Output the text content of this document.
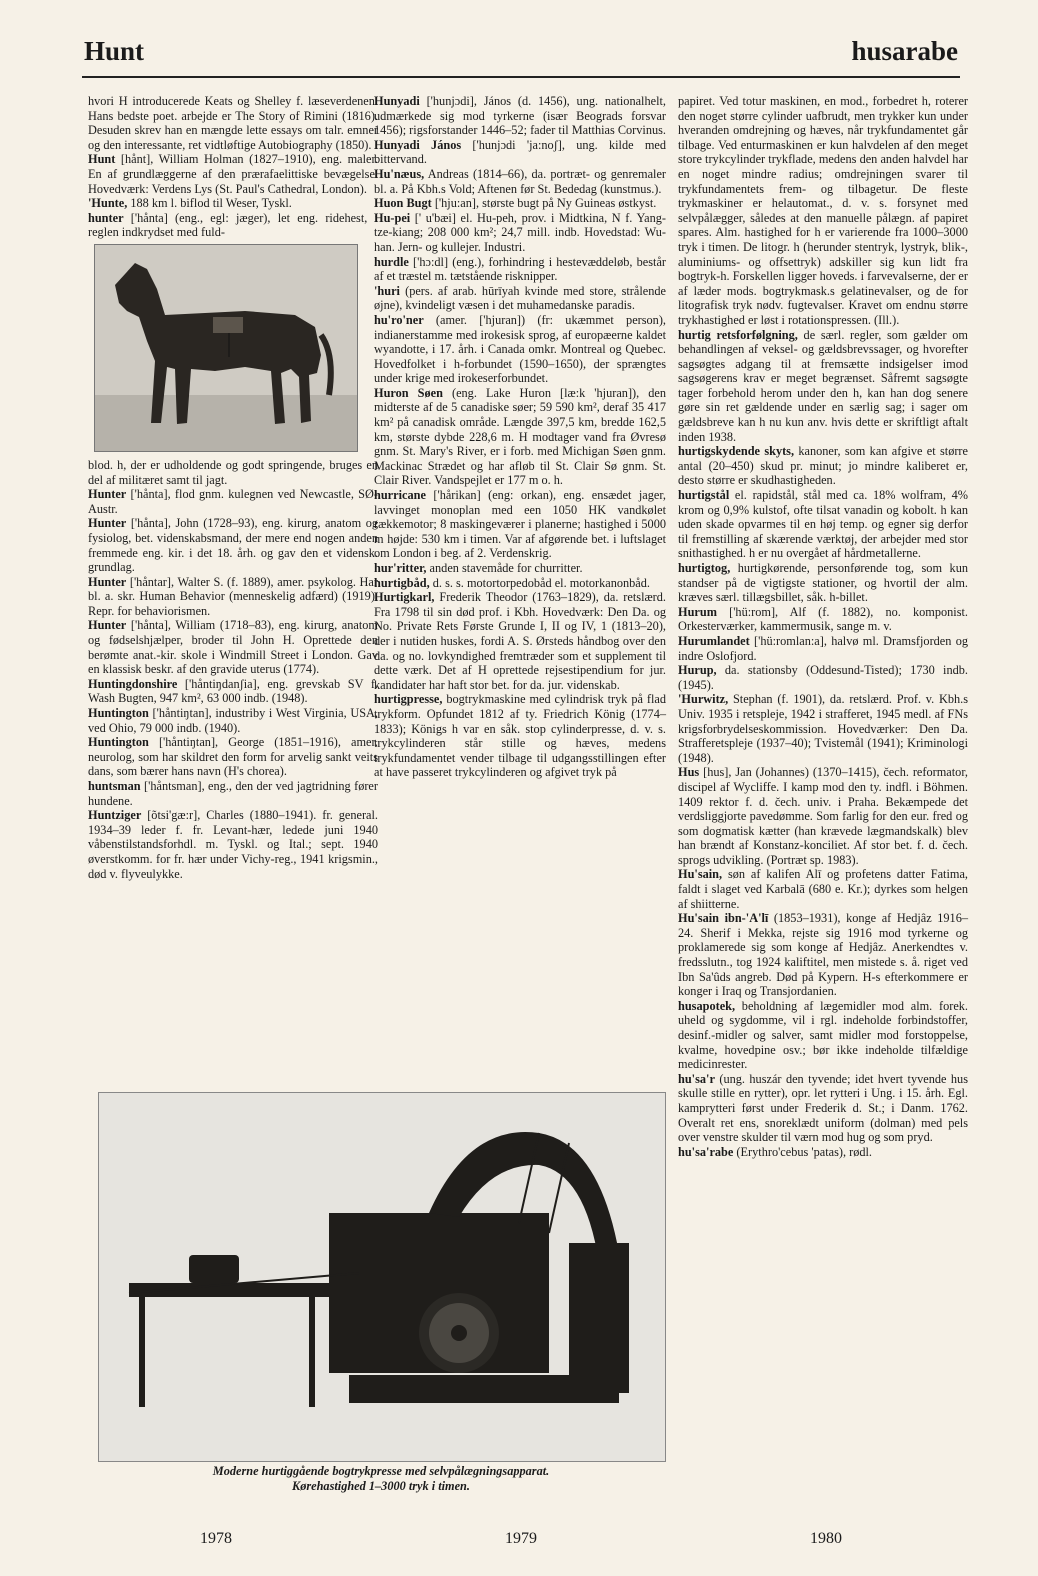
Hunt	husarabe

hvori H introducerede Keats og Shelley f. læseverdenen. Hans bedste poet. arbejde er The Story of Rimini (1816). Desuden skrev han en mængde lette essays om talr. emner og den interessante, ret vidtløftige Autobiography (1850).

Hunt [hånt], William Holman (1827–1910), eng. maler. En af grundlæggerne af den prærafaelittiske bevægelse. Hovedværk: Verdens Lys (St. Paul's Cathedral, London).

'Hunte, 188 km l. biflod til Weser, Tyskl.

hunter ['hånta] (eng., egl: jæger), let eng. ridehest, i reglen indkrydset med fuld-

blod. h, der er udholdende og godt springende, bruges en del af militæret samt til jagt.

Hunter ['hånta], flod gnm. kulegnen ved Newcastle, SØ-Austr.

Hunter ['hånta], John (1728–93), eng. kirurg, anatom og fysiolog, bet. videnskabsmand, der mere end nogen anden fremmede eng. kir. i det 18. årh. og gav den et vidensk. grundlag.

Hunter ['håntar], Walter S. (f. 1889), amer. psykolog. Har bl. a. skr. Human Behavior (menneskelig adfærd) (1919). Repr. for behaviorismen.

Hunter ['hånta], William (1718–83), eng. kirurg, anatom og fødselshjælper, broder til John H. Oprettede den berømte anat.-kir. skole i Windmill Street i London. Gav en klassisk beskr. af den gravide uterus (1774).

Huntingdonshire ['håntiŋdanʃia], eng. grevskab SV f. Wash Bugten, 947 km², 63 000 indb. (1948).

Huntington ['håntiŋtan], industriby i West Virginia, USA, ved Ohio, 79 000 indb. (1940).

Huntington ['håntiŋtan], George (1851–1916), amer. neurolog, som har skildret den form for arvelig sankt veits dans, som bærer hans navn (H's chorea).

huntsman ['håntsman], eng., den der ved jagtridning fører hundene.

Huntziger [õtsi'gæ:r], Charles (1880–1941). fr. general. 1934–39 leder f. fr. Levant-hær, ledede juni 1940 våbenstilstandsforhdl. m. Tyskl. og Ital.; sept. 1940 øverstkomm. for fr. hær under Vichy-reg., 1941 krigsmin., død v. flyveulykke.

Hunyadi ['hunjɔdi], János (d. 1456), ung. nationalhelt, udmærkede sig mod tyrkerne (især Beograds forsvar 1456); rigsforstander 1446–52; fader til Matthias Corvinus.

Hunyadi János ['hunjɔdi 'ja:noʃ], ung. kilde med bittervand.

Hu'næus, Andreas (1814–66), da. portræt- og genremaler bl. a. På Kbh.s Vold; Aftenen før St. Bededag (kunstmus.).

Huon Bugt ['hju:an], største bugt på Ny Guineas østkyst.

Hu-pei [' u'bæi] el. Hu-peh, prov. i Midtkina, N f. Yang-tze-kiang; 208 000 km²; 24,7 mill. indb. Hovedstad: Wu-han. Jern- og kullejer. Industri.

hurdle ['hɔ:dl] (eng.), forhindring i hestevæddeløb, består af et træstel m. tætstående risknipper.

'huri (pers. af arab. hūrīyah kvinde med store, strålende øjne), kvindeligt væsen i det muhamedanske paradis.

hu'ro'ner (amer. ['hjuran]) (fr: ukæmmet person), indianerstamme med irokesisk sprog, af europæerne kaldet wyandotte, i 17. årh. i Canada omkr. Montreal og Quebec. Hovedfolket i h-forbundet (1590–1650), der sprængtes under krige med irokeserforbundet.

Huron Søen (eng. Lake Huron [læ:k 'hjuran]), den midterste af de 5 canadiske søer; 59 590 km², deraf 35 417 km² på canadisk område. Længde 397,5 km, bredde 162,5 km, største dybde 228,6 m. H modtager vand fra Øvresø gnm. St. Mary's River, er i forb. med Michigan Søen gnm. Mackinac Strædet og har afløb til St. Clair Sø gnm. St. Clair River. Vandspejlet er 177 m o. h.

hurricane ['hårikan] (eng: orkan), eng. ensædet jager, lavvinget monoplan med een 1050 HK vandkølet rækkemotor; 8 maskingeværer i planerne; hastighed i 5000 m højde: 530 km i timen. Var af afgørende bet. i luftslaget om London i beg. af 2. Verdenskrig.

hur'ritter, anden stavemåde for churritter.

hurtigbåd, d. s. s. motortorpedobåd el. motorkanonbåd.

Hurtigkarl, Frederik Theodor (1763–1829), da. retslærd. Fra 1798 til sin død prof. i Kbh. Hovedværk: Den Da. og No. Private Rets Første Grunde I, II og IV, 1 (1813–20), der i nutiden huskes, fordi A. S. Ørsteds håndbog over den da. og no. lovkyndighed fremtræder som et supplement til dette værk. Det af H oprettede rejsestipendium for jur. kandidater har haft stor bet. for da. jur. videnskab.

hurtigpresse, bogtrykmaskine med cylindrisk tryk på flad trykform. Opfundet 1812 af ty. Friedrich König (1774–1833); Königs h var en såk. stop cylinderpresse, d. v. s. trykcylinderen står stille og hæves, medens trykfundamentet vender tilbage til udgangsstillingen efter at have passeret trykcylinderen og afgivet tryk på

papiret. Ved totur maskinen, en mod., forbedret h, roterer den noget større cylinder uafbrudt, men trykker kun under hveranden omdrejning og hæves, når trykfundamentet går tilbage. Ved enturmaskinen er kun halvdelen af den meget store trykcylinder trykflade, medens den anden halvdel har en noget mindre radius; omdrejningen svarer til trykfundamentets frem- og tilbagetur. De fleste trykmaskiner er helautomat., d. v. s. forsynet med selvpålægger, således at den manuelle pålægn. af papiret spares. Alm. hastighed for h er varierende fra 1000–3000 tryk i timen. De litogr. h (herunder stentryk, lystryk, blik-, aluminiums- og offsettryk) adskiller sig kun lidt fra bogtryk-h. Forskellen ligger hoveds. i farvevalserne, der er af læder mods. bogtrykmask.s gelatinevalser, og de for litografisk tryk nødv. fugtevalser. Kravet om endnu større trykhastighed er løst i rotationspressen. (Ill.).

hurtig retsforfølgning, de særl. regler, som gælder om behandlingen af veksel- og gældsbrevssager, og hvorefter sagsøgtes adgang til at fremsætte indsigelser imod sagsøgerens krav er meget begrænset. Såfremt sagsøgte tager forbehold herom under den h, kan han dog senere gøre sin ret gældende under en særlig sag; i sager om gældsbreve kan h nu kun anv. hvis dette er skriftligt aftalt inden 1938.

hurtigskydende skyts, kanoner, som kan afgive et større antal (20–450) skud pr. minut; jo mindre kaliberet er, desto større er skudhastigheden.

hurtigstål el. rapidstål, stål med ca. 18% wolfram, 4% krom og 0,9% kulstof, ofte tilsat vanadin og kobolt. h kan uden skade opvarmes til en høj temp. og egner sig derfor til fremstilling af skærende værktøj, der arbejder med stor snithastighed. h er nu overgået af hårdmetallerne.

hurtigtog, hurtigkørende, personførende tog, som kun standser på de vigtigste stationer, og hvortil der alm. kræves særl. tillægsbillet, såk. h-billet.

Hurum ['hü:rom], Alf (f. 1882), no. komponist. Orkesterværker, kammermusik, sange m. v.

Hurumlandet ['hü:romlan:a], halvø ml. Dramsfjorden og indre Oslofjord.

Hurup, da. stationsby (Oddesund-Tisted); 1730 indb. (1945).

'Hurwitz, Stephan (f. 1901), da. retslærd. Prof. v. Kbh.s Univ. 1935 i retspleje, 1942 i strafferet, 1945 medl. af FNs krigsforbrydelseskommission. Hovedværker: Den Da. Strafferetspleje (1937–40); Tvistemål (1941); Kriminologi (1948).

Hus [hus], Jan (Johannes) (1370–1415), čech. reformator, discipel af Wycliffe. I kamp mod den ty. indfl. i Böhmen. 1409 rektor f. d. čech. univ. i Praha. Bekæmpede det verdsliggjorte pavedømme. Som farlig for den eur. fred og som dogmatisk kætter (han krævede lægmandskalk) blev han brændt af Konstanz-konciliet. Af stor bet. f. d. čech. sprogs udvikling. (Portræt sp. 1983).

Hu'sain, søn af kalifen Alī og profetens datter Fatima, faldt i slaget ved Karbalā (680 e. Kr.); dyrkes som helgen af shiitterne.

Hu'sain ibn-'A'lī (1853–1931), konge af Hedjâz 1916–24. Sherif i Mekka, rejste sig 1916 mod tyrkerne og proklamerede sig som konge af Hedjâz. Anerkendtes v. fredsslutn., tog 1924 kaliftitel, men mistede s. å. riget ved Ibn Sa'ûds angreb. Død på Kypern. H-s efterkommere er konger i Iraq og Transjordanien.

husapotek, beholdning af lægemidler mod alm. forek. uheld og sygdomme, vil i rgl. indeholde forbindstoffer, desinf.-midler og salver, samt midler mod forstoppelse, kvalme, hovedpine osv.; bør ikke indeholde tilfældige medicinrester.

hu'sa'r (ung. huszár den tyvende; idet hvert tyvende hus skulle stille en rytter), opr. let rytteri i Ung. i 15. årh. Egl. kamprytteri først under Frederik d. St.; i Danm. 1762. Overalt ret ens, snoreklædt uniform (dolman) med pels over venstre skulder til værn mod hug og som pryd.

hu'sa'rabe (Erythro'cebus 'patas), rødl.

Moderne hurtiggående bogtrykpresse med selvpålægningsapparat.
Kørehastighed 1–3000 tryk i timen.
1978	1979	1980
